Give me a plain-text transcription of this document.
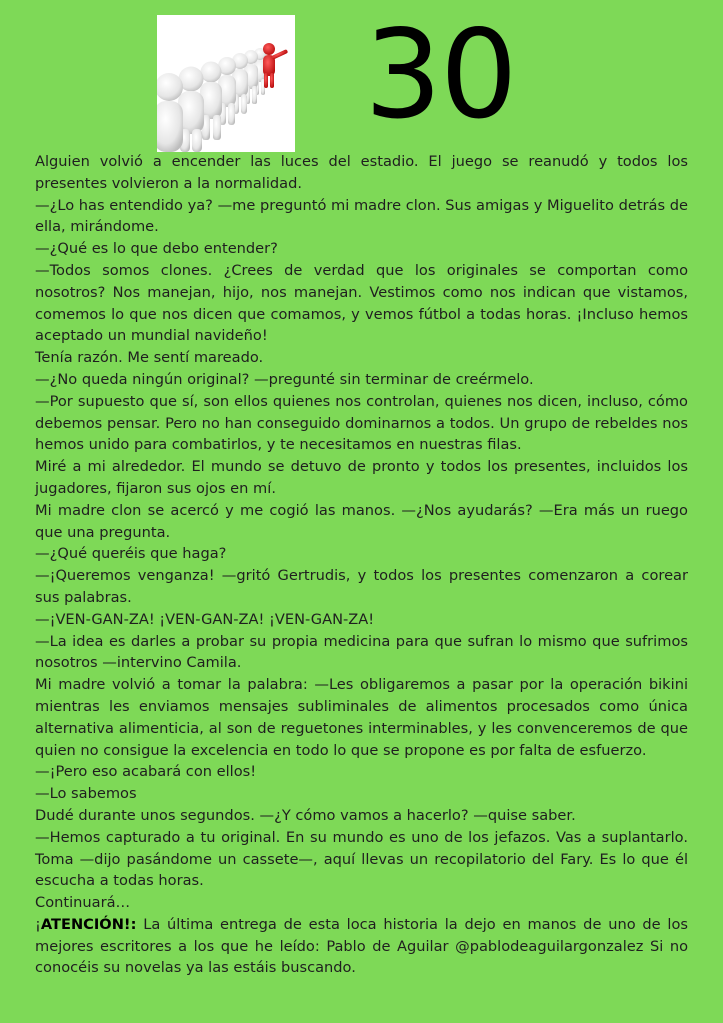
30

Alguien volvió a encender las luces del estadio. El juego se reanudó y todos los presentes volvieron a la normalidad.

—¿Lo has entendido ya? —me preguntó mi madre clon. Sus amigas y Miguelito detrás de ella, mirándome.

—¿Qué es lo que debo entender?

—Todos somos clones. ¿Crees de verdad que los originales se comportan como nosotros? Nos manejan, hijo, nos manejan. Vestimos como nos indican que vistamos, comemos lo que nos dicen que comamos, y vemos fútbol a todas horas. ¡Incluso hemos aceptado un mundial navideño!

Tenía razón. Me sentí mareado.

—¿No queda ningún original? —pregunté sin terminar de creérmelo.

—Por supuesto que sí, son ellos quienes nos controlan, quienes nos dicen, incluso, cómo debemos pensar. Pero no han conseguido dominarnos a todos. Un grupo de rebeldes nos hemos unido para combatirlos, y te necesitamos en nuestras filas.

Miré a mi alrededor. El mundo se detuvo de pronto y todos los presentes, incluidos los jugadores, fijaron sus ojos en mí.

Mi madre clon se acercó y me cogió las manos. —¿Nos ayudarás? —Era más un ruego que una pregunta.

—¿Qué queréis que haga?

—¡Queremos venganza! —gritó Gertrudis, y todos los presentes comenzaron a corear sus palabras.

—¡VEN-GAN-ZA! ¡VEN-GAN-ZA! ¡VEN-GAN-ZA!

—La idea es darles a probar su propia medicina para que sufran lo mismo que sufrimos nosotros —intervino Camila.

Mi madre volvió a tomar la palabra: —Les obligaremos a pasar por la operación bikini mientras les enviamos mensajes subliminales de alimentos procesados como única alternativa alimenticia, al son de reguetones interminables, y les convenceremos de que quien no consigue la excelencia en todo lo que se propone es por falta de esfuerzo.

—¡Pero eso acabará con ellos!

—Lo sabemos

Dudé durante unos segundos. —¿Y cómo vamos a hacerlo? —quise saber.

—Hemos capturado a tu original. En su mundo es uno de los jefazos. Vas a suplantarlo. Toma —dijo pasándome un cassete—, aquí llevas un recopilatorio del Fary. Es lo que él escucha a todas horas.

Continuará…

¡ATENCIÓN!: La última entrega de esta loca historia la dejo en manos de uno de los mejores escritores a los que he leído: Pablo de Aguilar @pablodeaguilargonzalez Si no conocéis su novelas ya las estáis buscando.
